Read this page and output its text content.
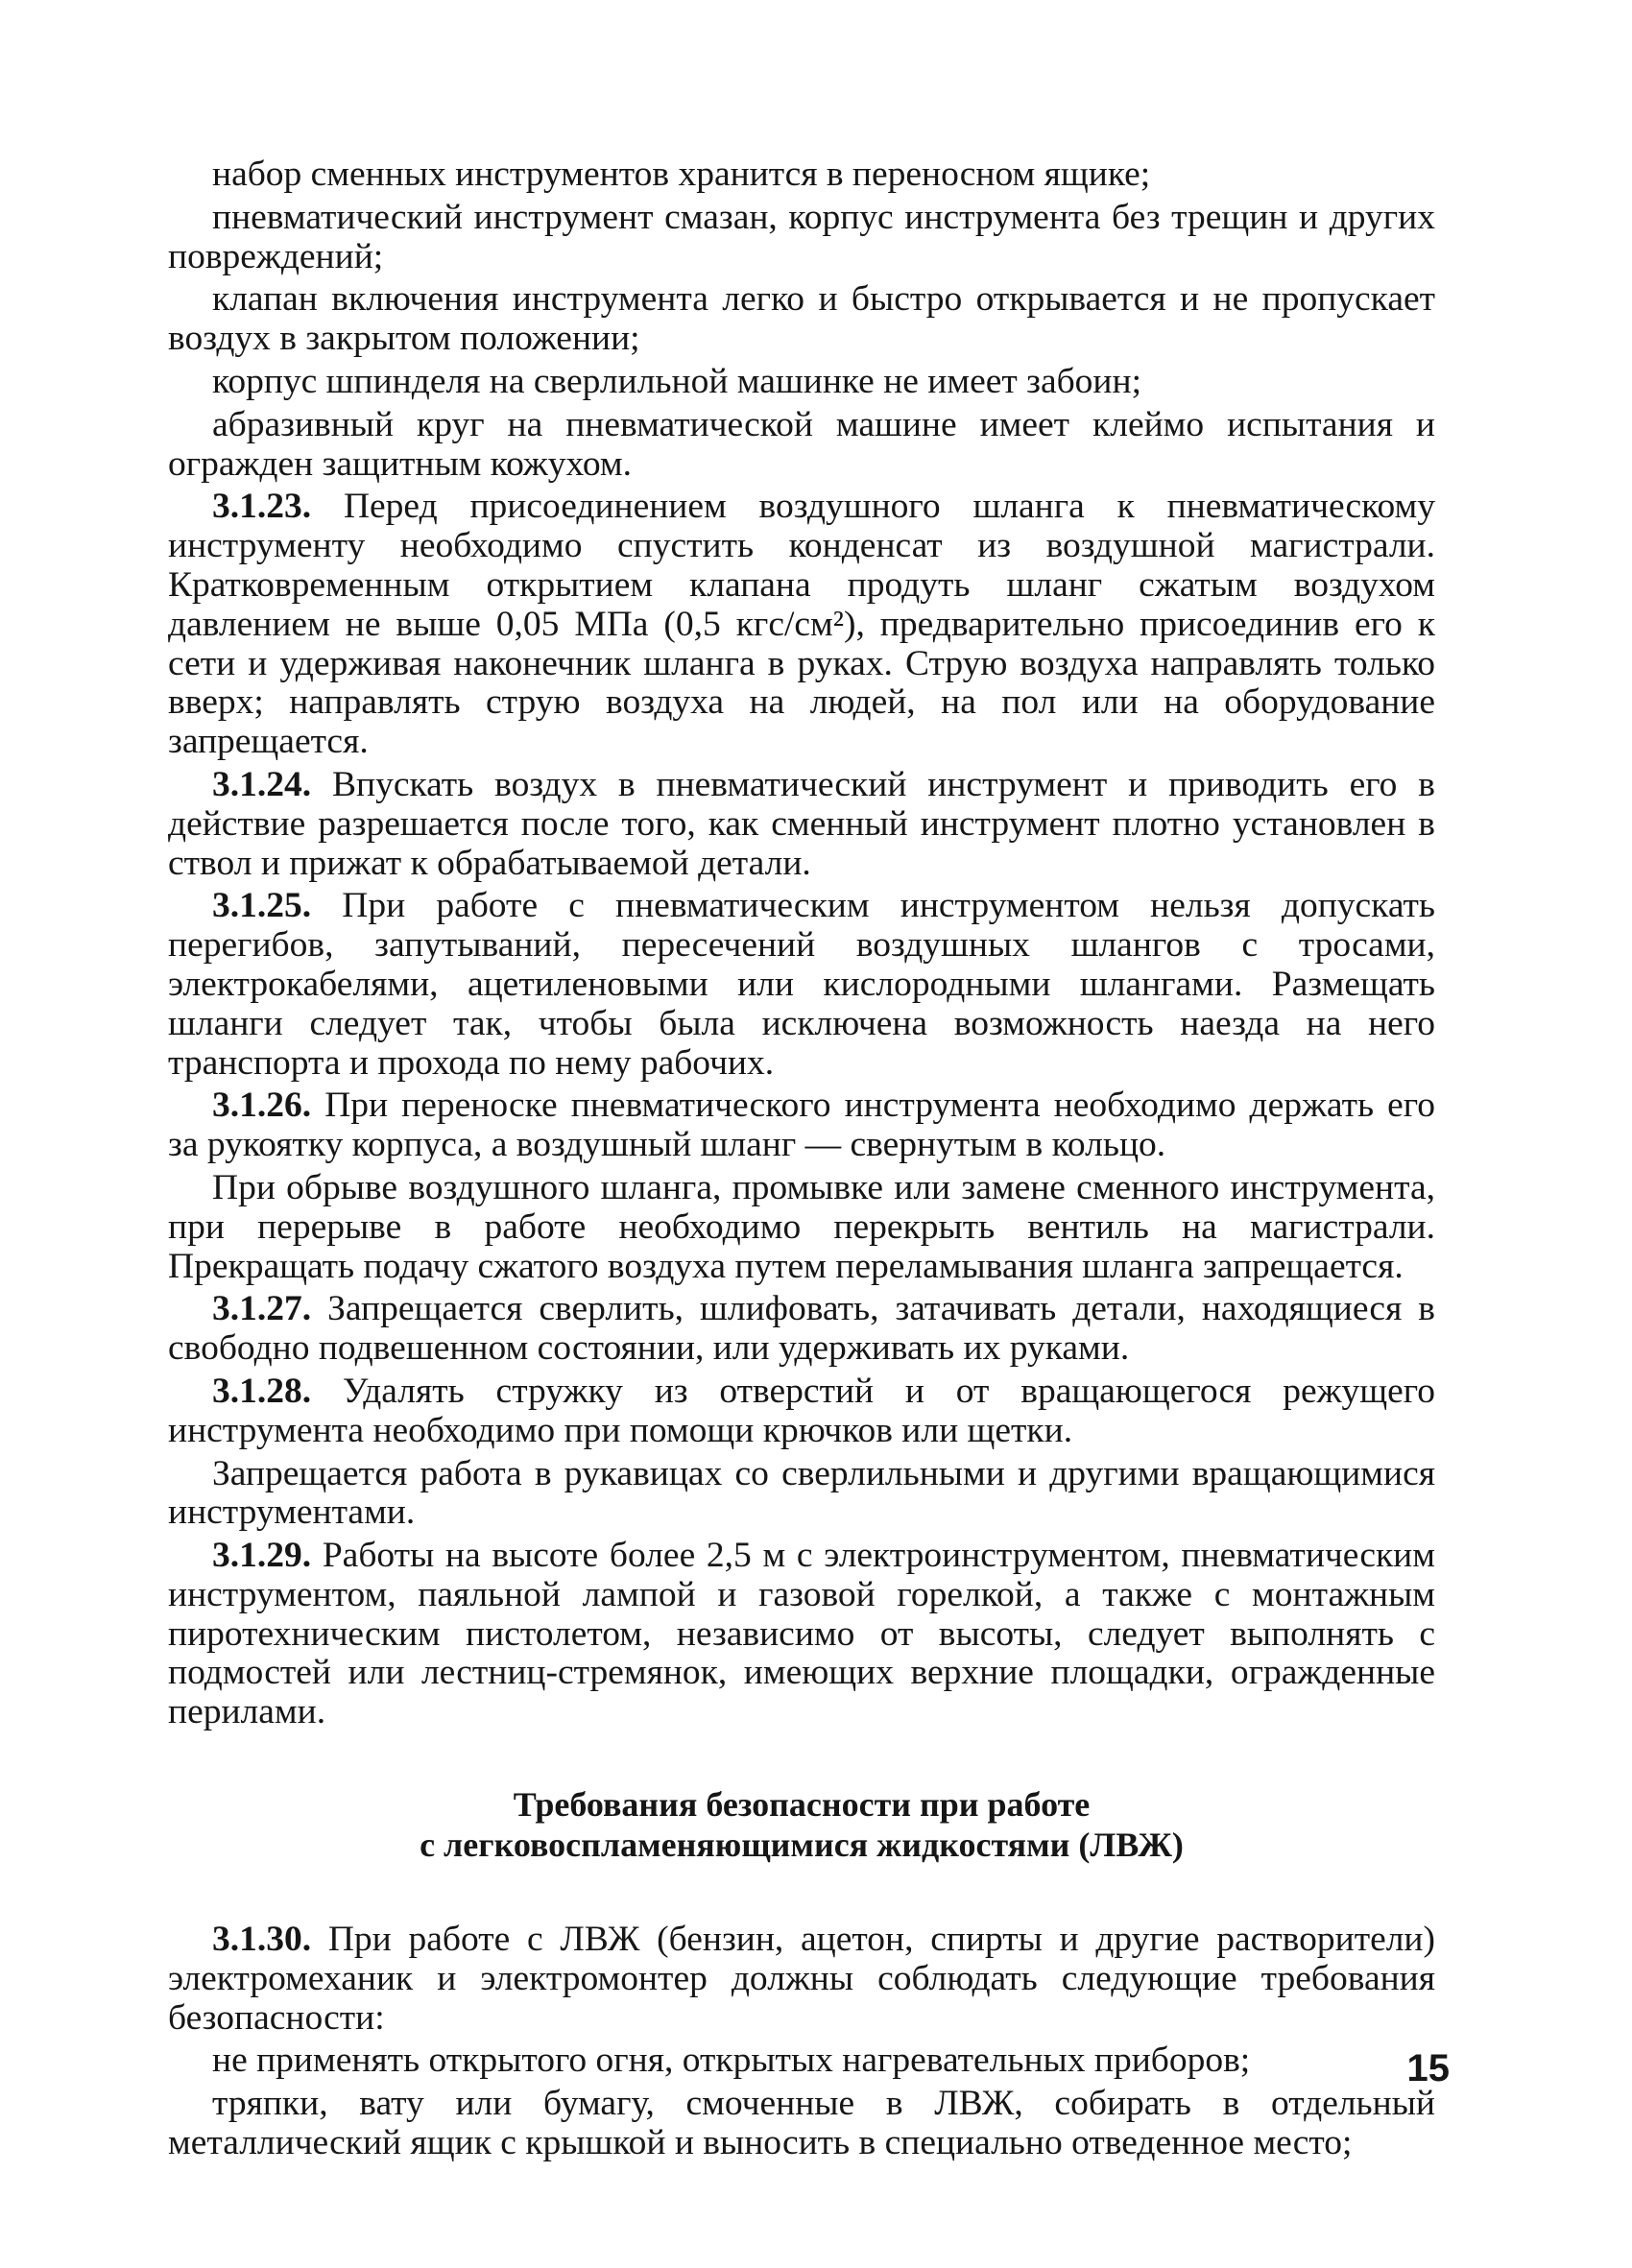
набор сменных инструментов хранится в переносном ящике;

пневматический инструмент смазан, корпус инструмента без трещин и других повреждений;

клапан включения инструмента легко и быстро открывается и не пропускает воздух в закрытом положении;

корпус шпинделя на сверлильной машинке не имеет забоин;

абразивный круг на пневматической машине имеет клеймо испытания и огражден защитным кожухом.

3.1.23. Перед присоединением воздушного шланга к пневматическому инструменту необходимо спустить конденсат из воздушной магистрали. Кратковременным открытием клапана продуть шланг сжатым воздухом давлением не выше 0,05 МПа (0,5 кгс/см²), предварительно присоединив его к сети и удерживая наконечник шланга в руках. Струю воздуха направлять только вверх; направлять струю воздуха на людей, на пол или на оборудование запрещается.

3.1.24. Впускать воздух в пневматический инструмент и приводить его в действие разрешается после того, как сменный инструмент плотно установлен в ствол и прижат к обрабатываемой детали.

3.1.25. При работе с пневматическим инструментом нельзя допускать перегибов, запутываний, пересечений воздушных шлангов с тросами, электрокабелями, ацетиленовыми или кислородными шлангами. Размещать шланги следует так, чтобы была исключена возможность наезда на него транспорта и прохода по нему рабочих.

3.1.26. При переноске пневматического инструмента необходимо держать его за рукоятку корпуса, а воздушный шланг — свернутым в кольцо.

При обрыве воздушного шланга, промывке или замене сменного инструмента, при перерыве в работе необходимо перекрыть вентиль на магистрали. Прекращать подачу сжатого воздуха путем переламывания шланга запрещается.

3.1.27. Запрещается сверлить, шлифовать, затачивать детали, находящиеся в свободно подвешенном состоянии, или удерживать их руками.

3.1.28. Удалять стружку из отверстий и от вращающегося режущего инструмента необходимо при помощи крючков или щетки.

Запрещается работа в рукавицах со сверлильными и другими вращающимися инструментами.

3.1.29. Работы на высоте более 2,5 м с электроинструментом, пневматическим инструментом, паяльной лампой и газовой горелкой, а также с монтажным пиротехническим пистолетом, независимо от высоты, следует выполнять с подмостей или лестниц-стремянок, имеющих верхние площадки, огражденные перилами.

Требования безопасности при работе
с легковоспламеняющимися жидкостями (ЛВЖ)

3.1.30. При работе с ЛВЖ (бензин, ацетон, спирты и другие растворители) электромеханик и электромонтер должны соблюдать следующие требования безопасности:

не применять открытого огня, открытых нагревательных приборов;

тряпки, вату или бумагу, смоченные в ЛВЖ, собирать в отдельный металлический ящик с крышкой и выносить в специально отведенное место;

15
